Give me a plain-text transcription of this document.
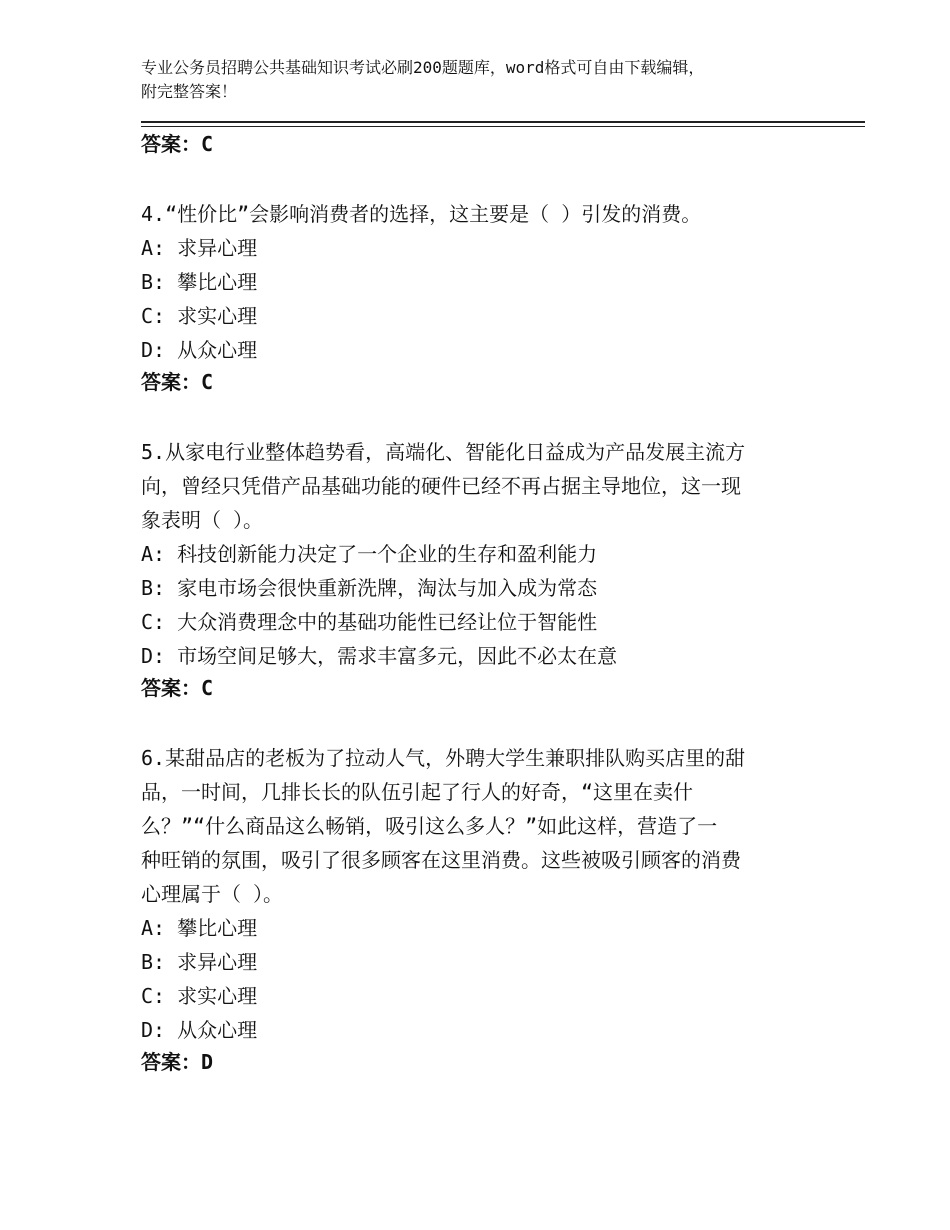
专业公务员招聘公共基础知识考试必刷200题题库，word格式可自由下载编辑，
附完整答案！

答案：C

4.“性价比”会影响消费者的选择，这主要是（ ）引发的消费。

A: 求异心理

B: 攀比心理

C: 求实心理

D: 从众心理

答案：C

5.从家电行业整体趋势看，高端化、智能化日益成为产品发展主流方

向，曾经只凭借产品基础功能的硬件已经不再占据主导地位，这一现

象表明（ ）。

A: 科技创新能力决定了一个企业的生存和盈利能力

B: 家电市场会很快重新洗牌，淘汰与加入成为常态

C: 大众消费理念中的基础功能性已经让位于智能性

D: 市场空间足够大，需求丰富多元，因此不必太在意

答案：C

6.某甜品店的老板为了拉动人气，外聘大学生兼职排队购买店里的甜

品，一时间，几排长长的队伍引起了行人的好奇，“这里在卖什

么？”“什么商品这么畅销，吸引这么多人？”如此这样，营造了一

种旺销的氛围，吸引了很多顾客在这里消费。这些被吸引顾客的消费

心理属于（ ）。

A: 攀比心理

B: 求异心理

C: 求实心理

D: 从众心理

答案：D
